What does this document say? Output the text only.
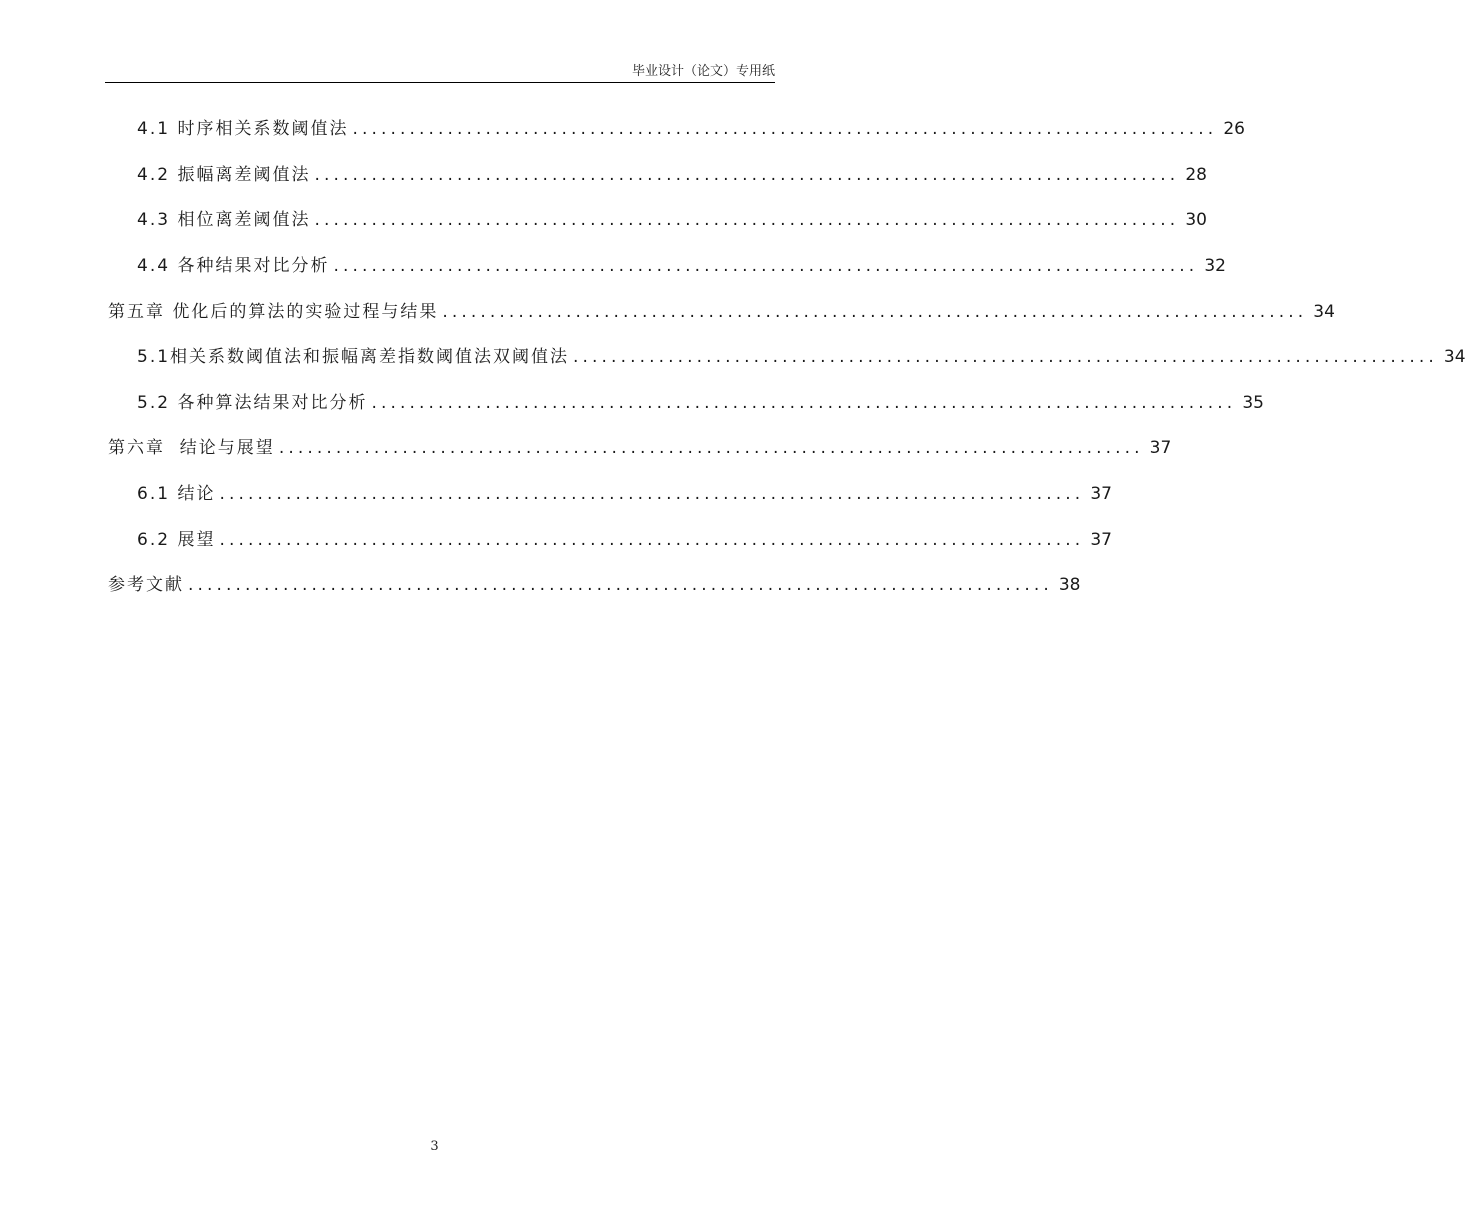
毕业设计（论文）专用纸
4.1 时序相关系数阈值法 ........................................................................................... 26
4.2 振幅离差阈值法 ........................................................................................... 28
4.3 相位离差阈值法 ........................................................................................... 30
4.4 各种结果对比分析 ........................................................................................... 32
第五章 优化后的算法的实验过程与结果 ........................................................................................... 34
5.1相关系数阈值法和振幅离差指数阈值法双阈值法 ........................................................................................... 34
5.2 各种算法结果对比分析 ........................................................................................... 35
第六章  结论与展望 ........................................................................................... 37
6.1 结论 ........................................................................................... 37
6.2 展望 ........................................................................................... 37
参考文献 ........................................................................................... 38
3
